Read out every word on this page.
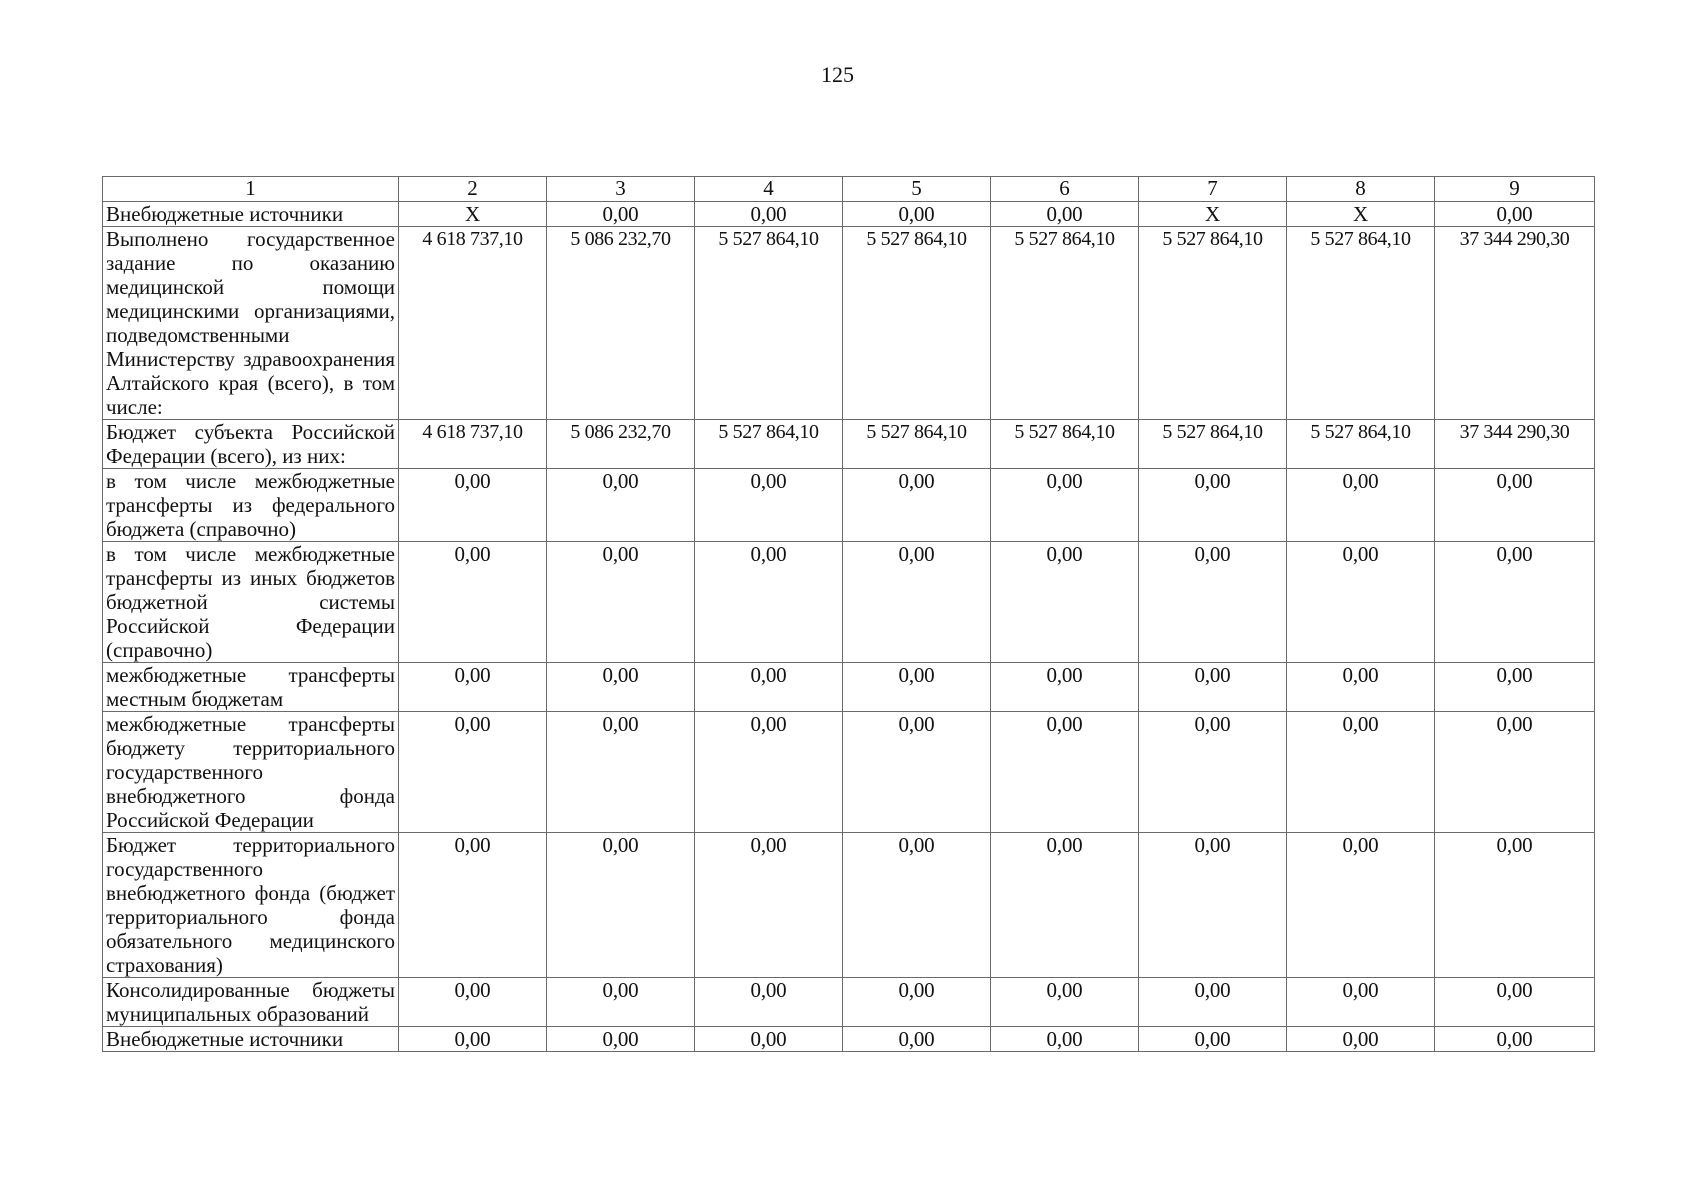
125
1	2	3	4	5	6	7	8	9
Внебюджетные источники	Х	0,00	0,00	0,00	0,00	Х	Х	0,00
Выполнено государственное задание по оказанию медицинской помощи медицинскими организациями, подведомственными Министерству здравоохранения Алтайского края (всего), в том числе:	4 618 737,10	5 086 232,70	5 527 864,10	5 527 864,10	5 527 864,10	5 527 864,10	5 527 864,10	37 344 290,30
Бюджет субъекта Российской Федерации (всего), из них:	4 618 737,10	5 086 232,70	5 527 864,10	5 527 864,10	5 527 864,10	5 527 864,10	5 527 864,10	37 344 290,30
в том числе межбюджетные трансферты из федерального бюджета (справочно)	0,00	0,00	0,00	0,00	0,00	0,00	0,00	0,00
в том числе межбюджетные трансферты из иных бюджетов бюджетной системы Российской Федерации (справочно)	0,00	0,00	0,00	0,00	0,00	0,00	0,00	0,00
межбюджетные трансферты местным бюджетам	0,00	0,00	0,00	0,00	0,00	0,00	0,00	0,00
межбюджетные трансферты бюджету территориального государственного внебюджетного фонда Российской Федерации	0,00	0,00	0,00	0,00	0,00	0,00	0,00	0,00
Бюджет территориального государственного внебюджетного фонда (бюджет территориального фонда обязательного медицинского страхования)	0,00	0,00	0,00	0,00	0,00	0,00	0,00	0,00
Консолидированные бюджеты муниципальных образований	0,00	0,00	0,00	0,00	0,00	0,00	0,00	0,00
Внебюджетные источники	0,00	0,00	0,00	0,00	0,00	0,00	0,00	0,00
